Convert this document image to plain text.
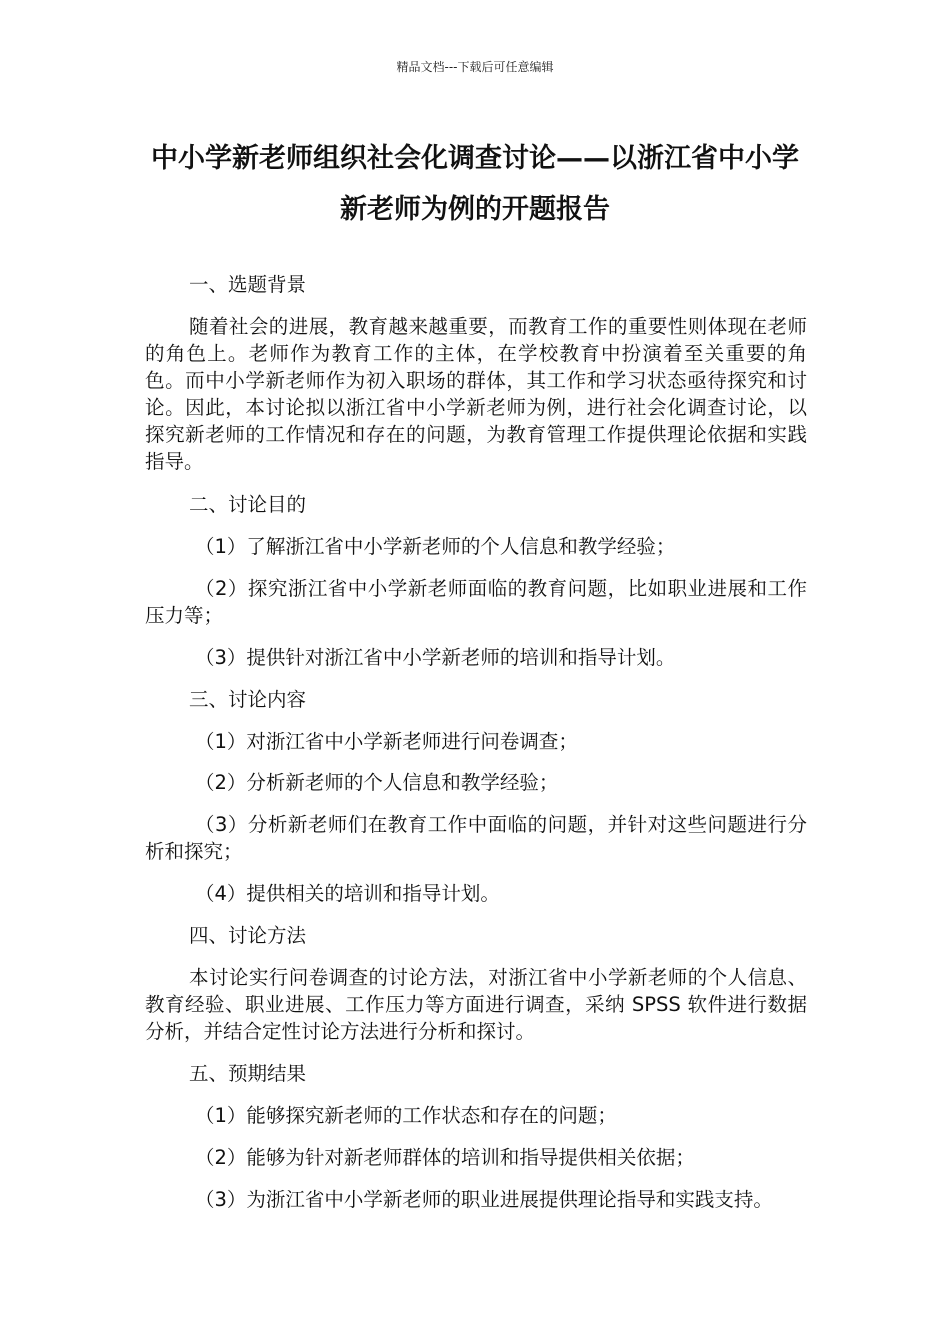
精品文档---下载后可任意编辑
中小学新老师组织社会化调查讨论——以浙江省中小学新老师为例的开题报告
一、选题背景

随着社会的进展，教育越来越重要，而教育工作的重要性则体现在老师的角色上。老师作为教育工作的主体，在学校教育中扮演着至关重要的角色。而中小学新老师作为初入职场的群体，其工作和学习状态亟待探究和讨论。因此，本讨论拟以浙江省中小学新老师为例，进行社会化调查讨论，以探究新老师的工作情况和存在的问题，为教育管理工作提供理论依据和实践指导。

二、讨论目的

（1）了解浙江省中小学新老师的个人信息和教学经验；

（2）探究浙江省中小学新老师面临的教育问题，比如职业进展和工作压力等；

（3）提供针对浙江省中小学新老师的培训和指导计划。

三、讨论内容

（1）对浙江省中小学新老师进行问卷调查；

（2）分析新老师的个人信息和教学经验；

（3）分析新老师们在教育工作中面临的问题，并针对这些问题进行分析和探究；

（4）提供相关的培训和指导计划。

四、讨论方法

本讨论实行问卷调查的讨论方法，对浙江省中小学新老师的个人信息、教育经验、职业进展、工作压力等方面进行调查，采纳 SPSS 软件进行数据分析，并结合定性讨论方法进行分析和探讨。

五、预期结果

（1）能够探究新老师的工作状态和存在的问题；

（2）能够为针对新老师群体的培训和指导提供相关依据；

（3）为浙江省中小学新老师的职业进展提供理论指导和实践支持。
